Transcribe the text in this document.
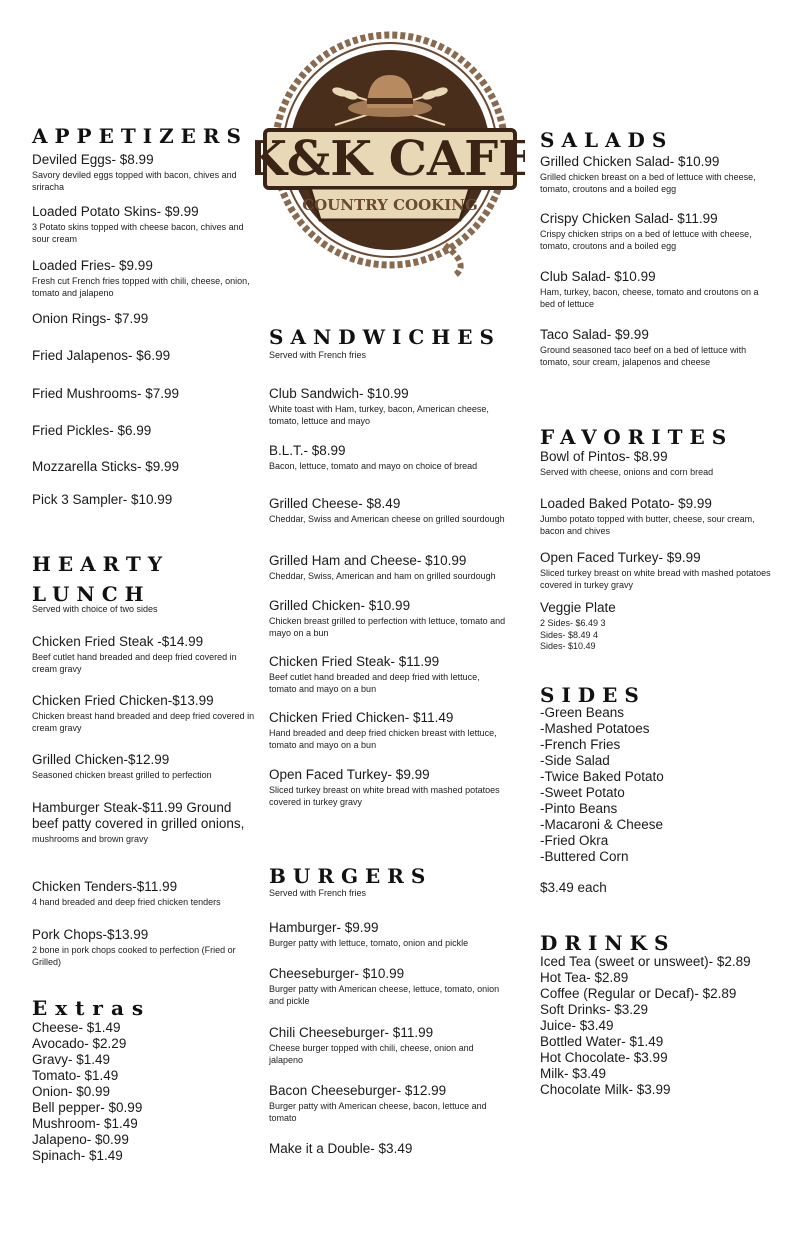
K&K CAFE
COUNTRY COOKING
APPETIZERS
Deviled Eggs- $8.99
Savory deviled eggs topped with bacon, chives and sriracha
Loaded Potato Skins- $9.99
3 Potato skins topped with cheese bacon, chives and sour cream
Loaded Fries- $9.99
Fresh cut French fries topped with chili, cheese, onion, tomato and jalapeno
Onion Rings- $7.99
Fried Jalapenos- $6.99
Fried Mushrooms- $7.99
Fried Pickles- $6.99
Mozzarella Sticks- $9.99
Pick 3 Sampler- $10.99
HEARTY
LUNCH
Served with choice of two sides
Chicken Fried Steak -$14.99
Beef cutlet hand breaded and deep fried covered in cream gravy
Chicken Fried Chicken-$13.99
Chicken breast hand breaded and deep fried covered in cream gravy
Grilled Chicken-$12.99
Seasoned chicken breast grilled to perfection
Hamburger Steak-$11.99 Ground beef patty covered in grilled onions,
mushrooms and brown gravy
Chicken Tenders-$11.99
4 hand breaded and deep fried chicken tenders
Pork Chops-$13.99
2 bone in pork chops cooked to perfection (Fried or Grilled)
Extras
Cheese- $1.49
Avocado- $2.29
Gravy- $1.49
Tomato- $1.49
Onion- $0.99
Bell pepper- $0.99
Mushroom- $1.49
Jalapeno- $0.99
Spinach- $1.49
SANDWICHES
Served with French fries
Club Sandwich- $10.99
White toast with Ham, turkey, bacon, American cheese, tomato, lettuce and mayo
B.L.T.- $8.99
Bacon, lettuce, tomato and mayo on choice of bread
Grilled Cheese- $8.49
Cheddar, Swiss and American cheese on grilled sourdough
Grilled Ham and Cheese- $10.99
Cheddar, Swiss, American and ham on grilled sourdough
Grilled Chicken- $10.99
Chicken breast grilled to perfection with lettuce, tomato and mayo on a bun
Chicken Fried Steak- $11.99
Beef cutlet hand breaded and deep fried with lettuce, tomato and mayo on a bun
Chicken Fried Chicken- $11.49
Hand breaded and deep fried chicken breast with lettuce, tomato and mayo on a bun
Open Faced Turkey- $9.99
Sliced turkey breast on white bread with mashed potatoes covered in turkey gravy
BURGERS
Served with French fries
Hamburger- $9.99
Burger patty with lettuce, tomato, onion and pickle
Cheeseburger- $10.99
Burger patty with American cheese, lettuce, tomato, onion and pickle
Chili Cheeseburger- $11.99
Cheese burger topped with chili, cheese, onion and jalapeno
Bacon Cheeseburger- $12.99
Burger patty with American cheese, bacon, lettuce and tomato
Make it a Double- $3.49
SALADS
Grilled Chicken Salad- $10.99
Grilled chicken breast on a bed of lettuce with cheese, tomato, croutons and a boiled egg
Crispy Chicken Salad- $11.99
Crispy chicken strips on a bed of lettuce with cheese, tomato, croutons and a boiled egg
Club Salad- $10.99
Ham, turkey, bacon, cheese, tomato and croutons on a bed of lettuce
Taco Salad- $9.99
Ground seasoned taco beef on a bed of lettuce with tomato, sour cream, jalapenos and cheese
FAVORITES
Bowl of Pintos- $8.99
Served with cheese, onions and corn bread
Loaded Baked Potato- $9.99
Jumbo potato topped with butter, cheese, sour cream, bacon and chives
Open Faced Turkey- $9.99
Sliced turkey breast on white bread with mashed potatoes covered in turkey gravy
Veggie Plate
2 Sides- $6.49 3 Sides- $8.49 4 Sides- $10.49
SIDES
-Green Beans
-Mashed Potatoes
-French Fries
-Side Salad
-Twice Baked Potato
-Sweet Potato
-Pinto Beans
-Macaroni & Cheese
-Fried Okra
-Buttered Corn
$3.49 each
DRINKS
Iced Tea (sweet or unsweet)- $2.89
Hot Tea- $2.89
Coffee (Regular or Decaf)- $2.89
Soft Drinks- $3.29
Juice- $3.49
Bottled Water- $1.49
Hot Chocolate- $3.99
Milk- $3.49
Chocolate Milk- $3.99
